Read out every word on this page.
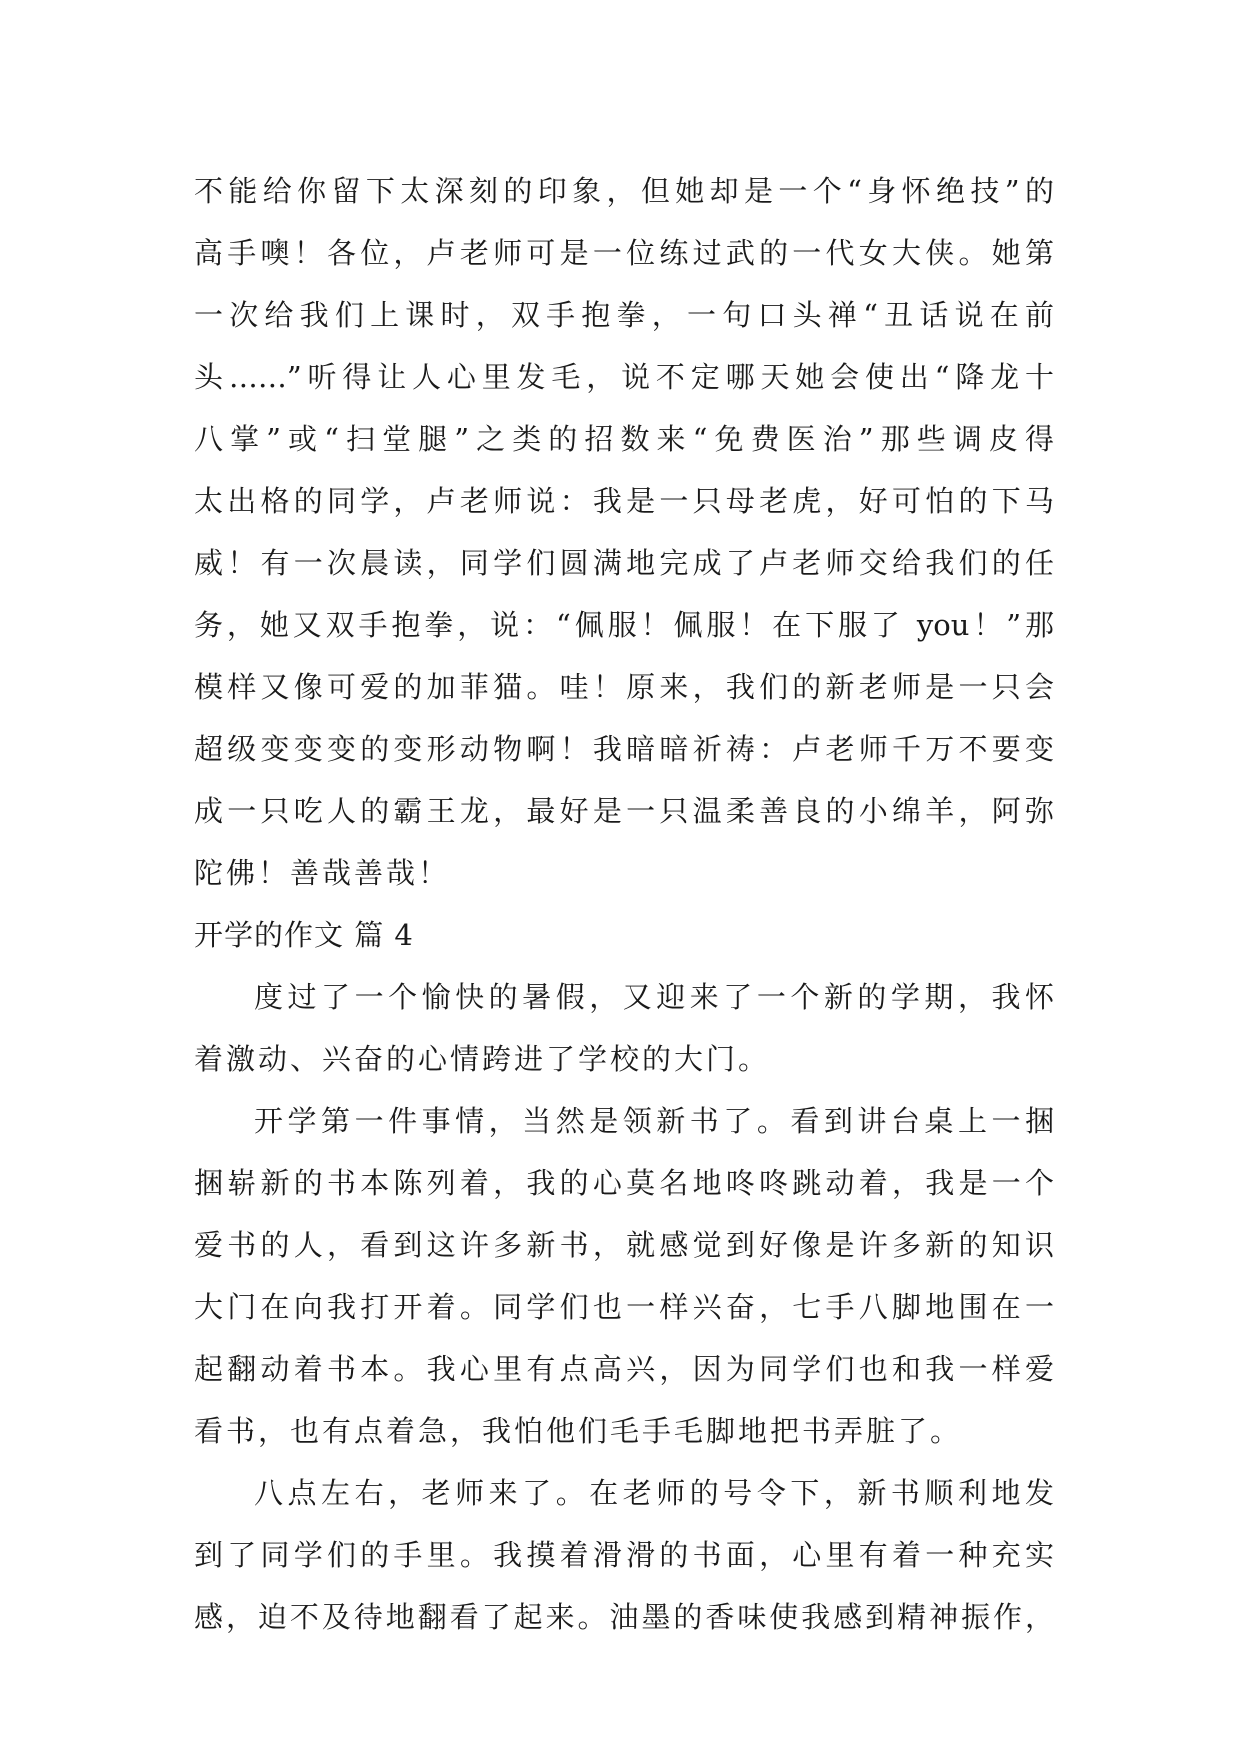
不能给你留下太深刻的印象，但她却是一个“身怀绝技”的
高手噢！各位，卢老师可是一位练过武的一代女大侠。她第
一次给我们上课时，双手抱拳，一句口头禅“丑话说在前
头……”听得让人心里发毛，说不定哪天她会使出“降龙十
八掌”或“扫堂腿”之类的招数来“免费医治”那些调皮得
太出格的同学，卢老师说：我是一只母老虎，好可怕的下马
威！有一次晨读，同学们圆满地完成了卢老师交给我们的任
务，她又双手抱拳，说：“佩服！佩服！在下服了 you！”那
模样又像可爱的加菲猫。哇！原来，我们的新老师是一只会
超级变变变的变形动物啊！我暗暗祈祷：卢老师千万不要变
成一只吃人的霸王龙，最好是一只温柔善良的小绵羊，阿弥
陀佛！善哉善哉！
开学的作文 篇 4
度过了一个愉快的暑假，又迎来了一个新的学期，我怀
着激动、兴奋的心情跨进了学校的大门。
开学第一件事情，当然是领新书了。看到讲台桌上一捆
捆崭新的书本陈列着，我的心莫名地咚咚跳动着，我是一个
爱书的人，看到这许多新书，就感觉到好像是许多新的知识
大门在向我打开着。同学们也一样兴奋，七手八脚地围在一
起翻动着书本。我心里有点高兴，因为同学们也和我一样爱
看书，也有点着急，我怕他们毛手毛脚地把书弄脏了。
八点左右，老师来了。在老师的号令下，新书顺利地发
到了同学们的手里。我摸着滑滑的书面，心里有着一种充实
感，迫不及待地翻看了起来。油墨的香味使我感到精神振作，
